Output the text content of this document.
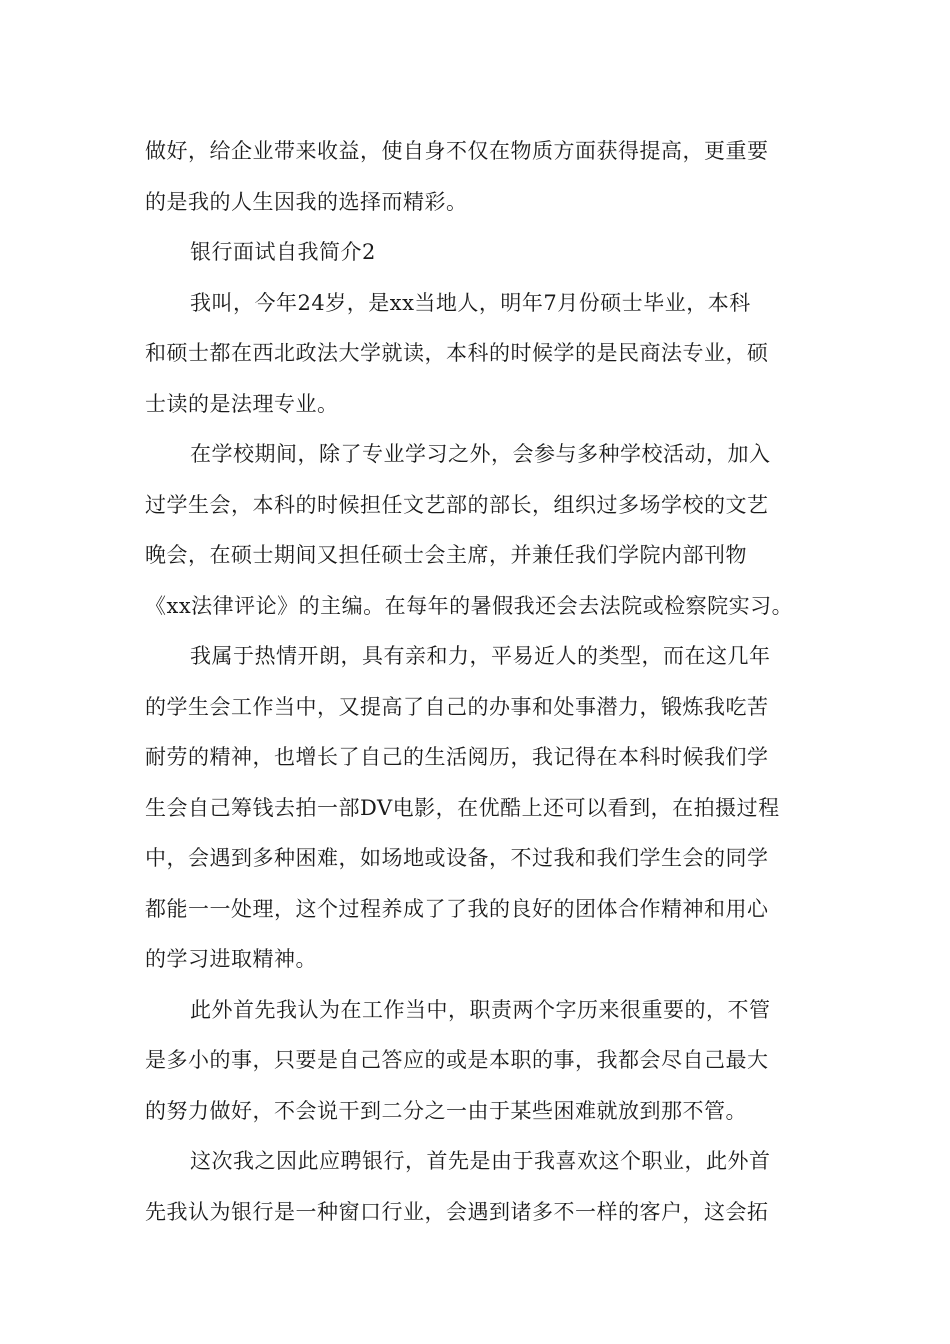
做好，给企业带来收益，使自身不仅在物质方面获得提高，更重要
的是我的人生因我的选择而精彩。
银行面试自我简介2
我叫，今年24岁，是xx当地人，明年7月份硕士毕业，本科
和硕士都在西北政法大学就读，本科的时候学的是民商法专业，硕
士读的是法理专业。
在学校期间，除了专业学习之外，会参与多种学校活动，加入
过学生会，本科的时候担任文艺部的部长，组织过多场学校的文艺
晚会，在硕士期间又担任硕士会主席，并兼任我们学院内部刊物
《xx法律评论》的主编。在每年的暑假我还会去法院或检察院实习。
我属于热情开朗，具有亲和力，平易近人的类型，而在这几年
的学生会工作当中，又提高了自己的办事和处事潜力，锻炼我吃苦
耐劳的精神，也增长了自己的生活阅历，我记得在本科时候我们学
生会自己筹钱去拍一部DV电影，在优酷上还可以看到，在拍摄过程
中，会遇到多种困难，如场地或设备，不过我和我们学生会的同学
都能一一处理，这个过程养成了了我的良好的团体合作精神和用心
的学习进取精神。
此外首先我认为在工作当中，职责两个字历来很重要的，不管
是多小的事，只要是自己答应的或是本职的事，我都会尽自己最大
的努力做好，不会说干到二分之一由于某些困难就放到那不管。
这次我之因此应聘银行，首先是由于我喜欢这个职业，此外首
先我认为银行是一种窗口行业，会遇到诸多不一样的客户，这会拓
